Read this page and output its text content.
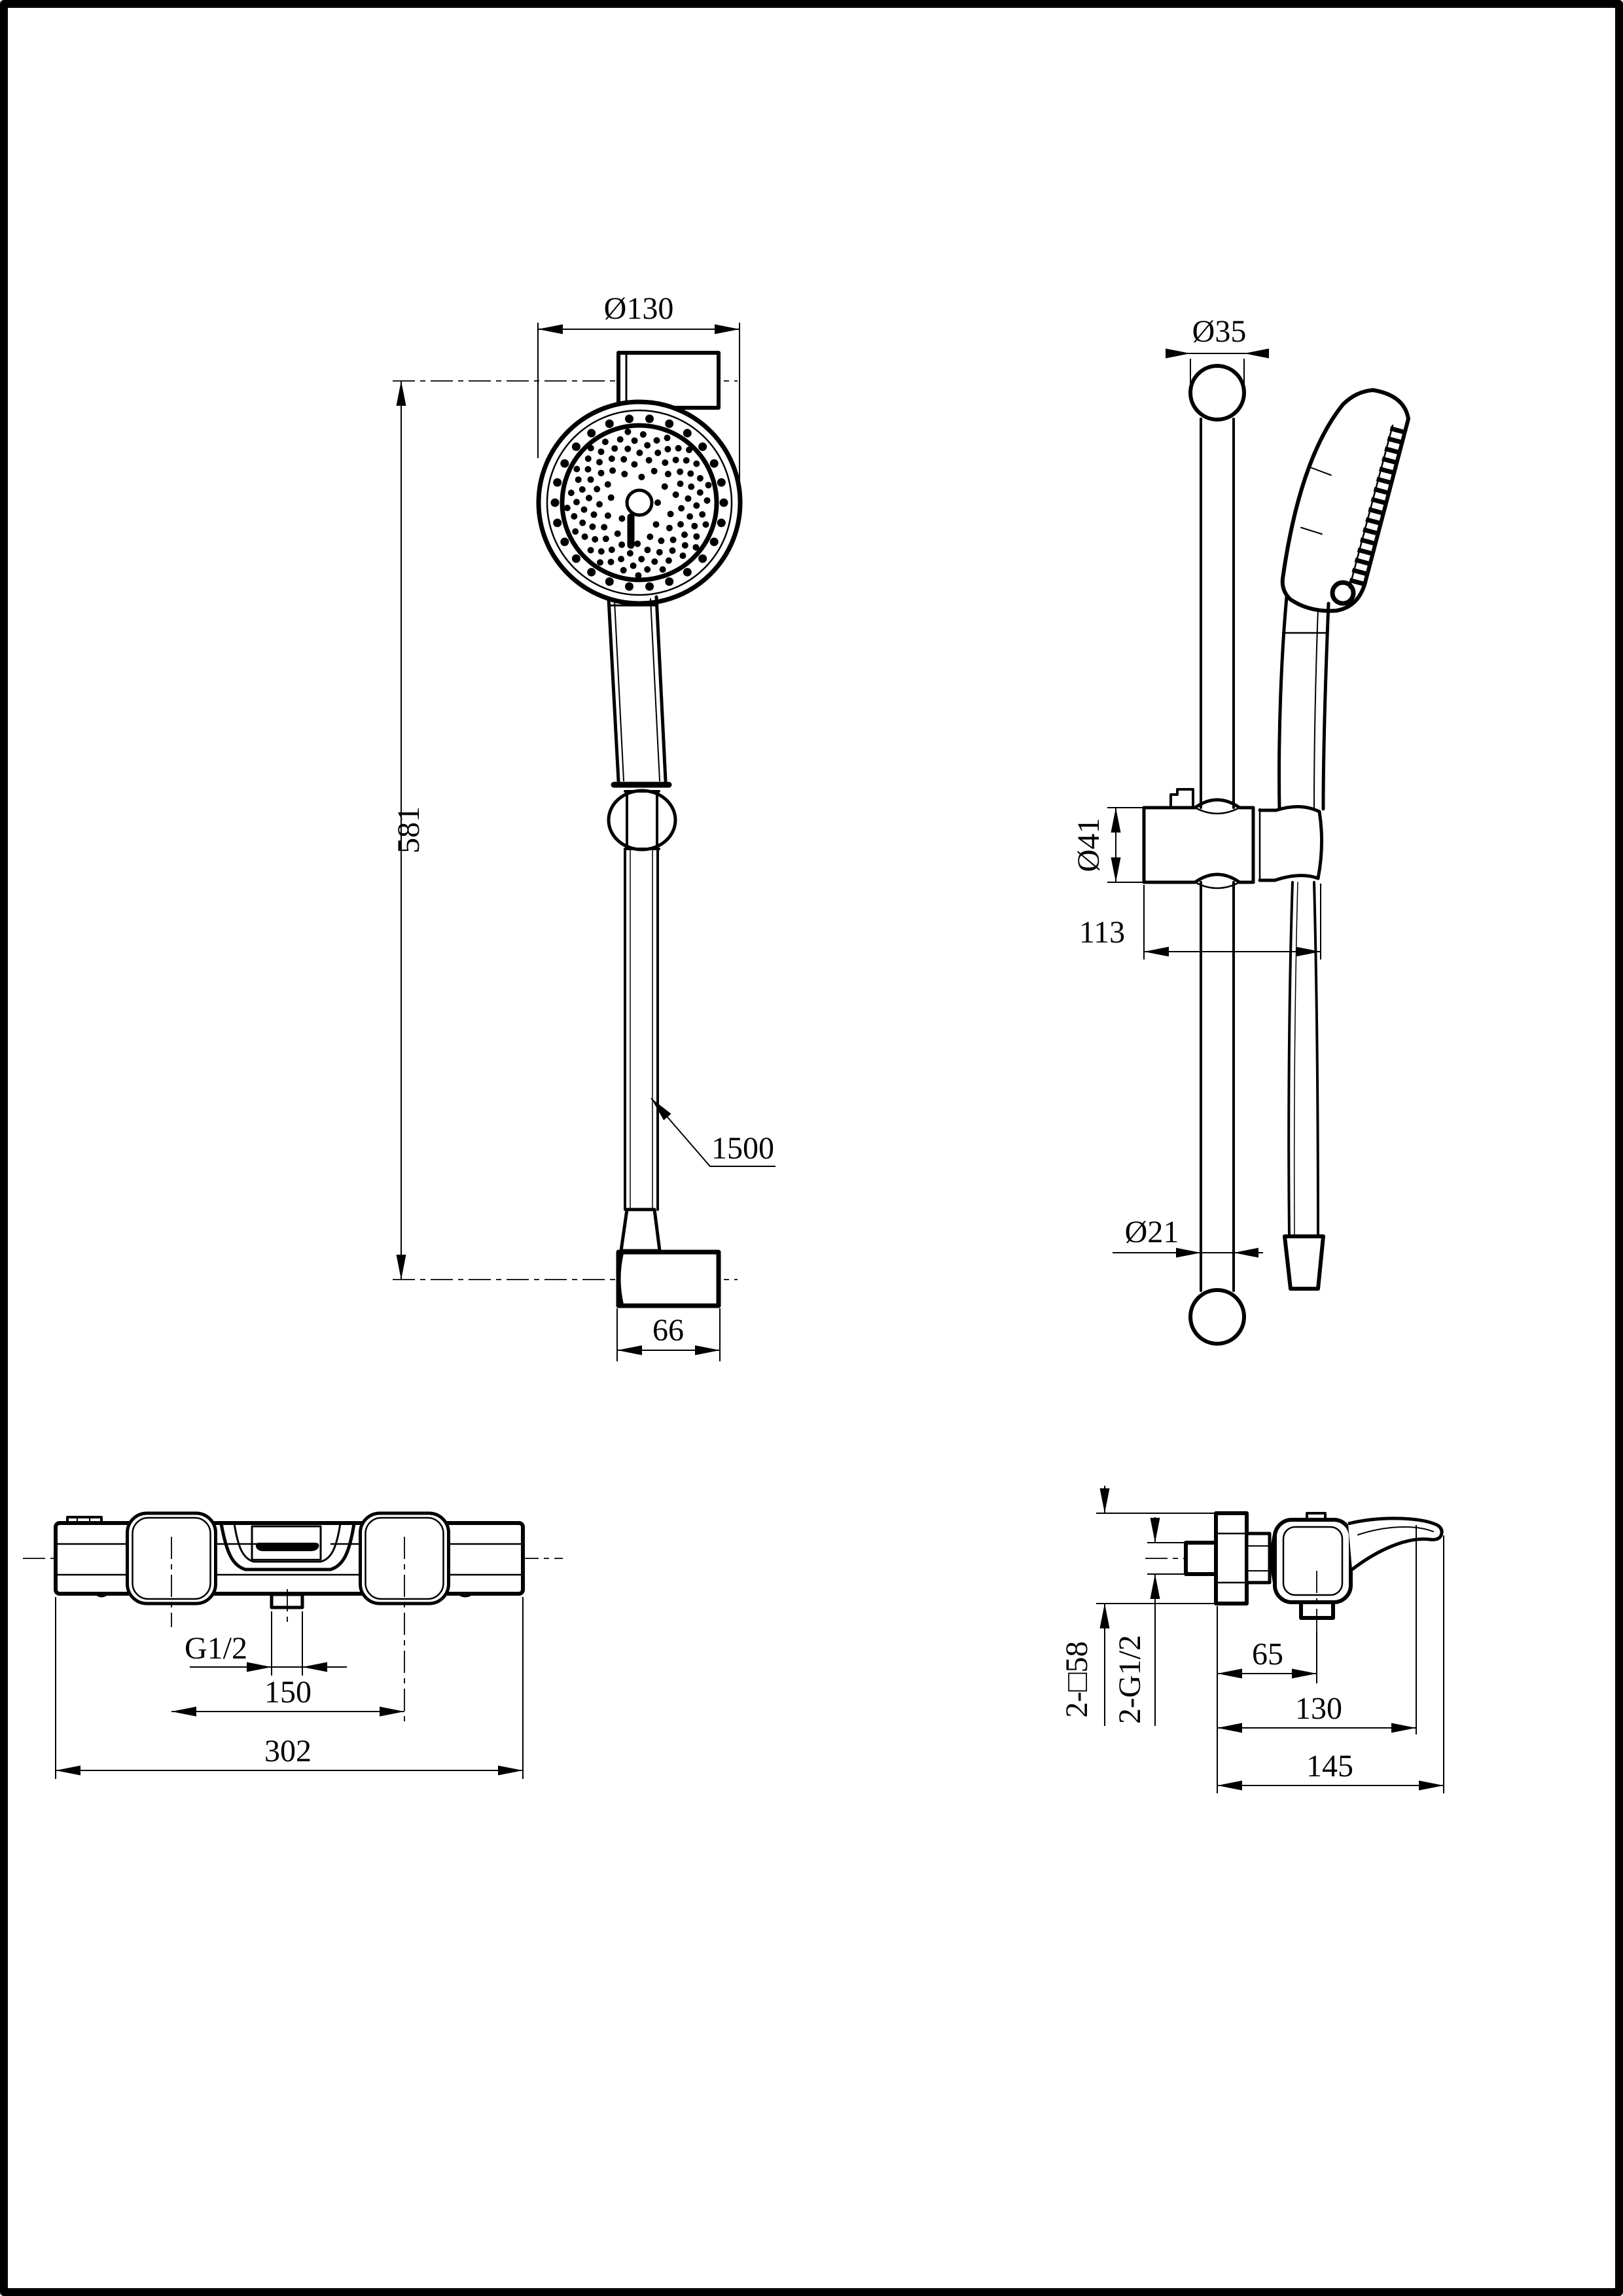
Ø130
581
1500
66
Ø35
Ø41
113
Ø21
G1/2
150
302
2-□58 2-G1/2	65
130
145
